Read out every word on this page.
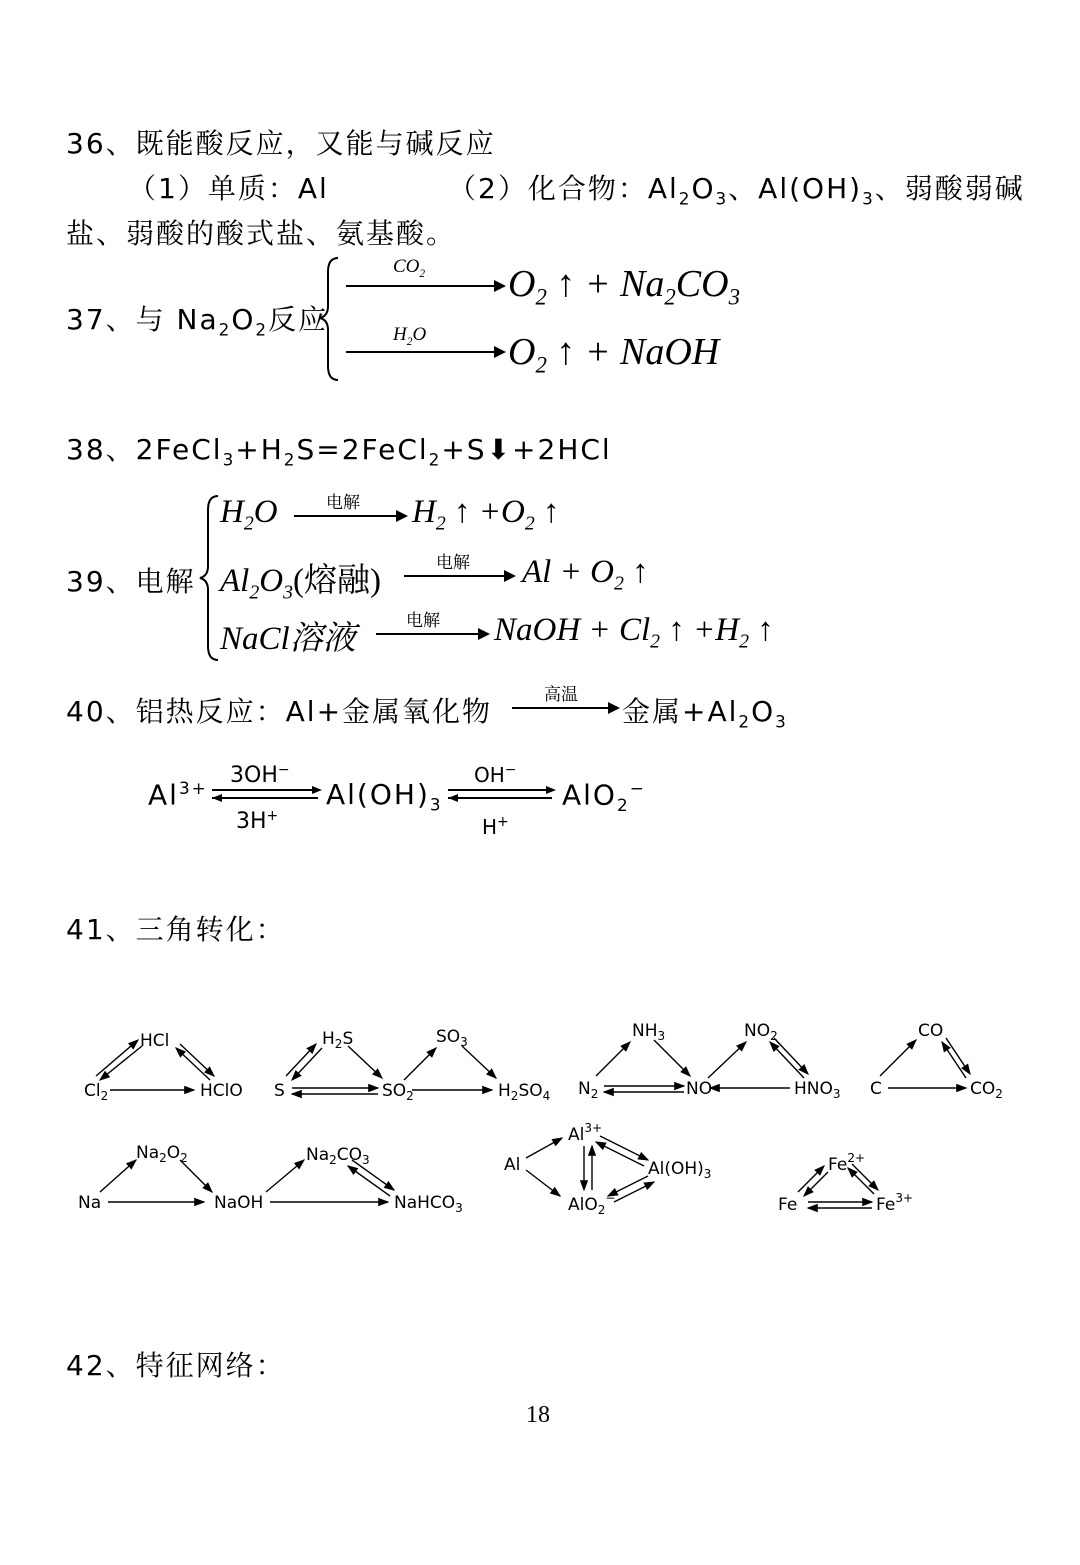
36、既能酸反应，又能与碱反应
（1）单质：Al	（2）化合物：$Al_2O_3$、$Al(OH)_3$、弱酸弱碱
盐、弱酸的酸式盐、氨基酸。
37、与 $Na_2O_2$反应
$CO_2$ $O_2$ ↑ + $Na_2CO_3$
$H_2O$ $O_2$ ↑ + NaOH
38、$2FeCl_3+H_2S=2FeCl_2+S⬇+2HCl$
39、电解
电解
电解
电解
$H_2O$	$H_2$ ↑ $+O_2$ ↑
$Al_2O_3$(熔融)	$Al + O_2$ ↑
NaCl溶液	NaOH + $Cl_2$ ↑ $+H_2$ ↑
40、铝热反应：Al+金属氧化物	高温 金属$+Al_2O_3$
$Al^{3+}$ 3OH−
3H+
OH−
H+
$Al(OH)_3$	AlO$_2$−
41、三角转化：
HCl
$Cl_2$	HClO
$H_2S$
S	$SO_2$
$SO_3$
$H_2SO_4$
$NH_3$
$N_2$	NO
$NO_2$
$HNO_3$
CO
C	$CO_2$
$Na_2O_2$
Na	NaOH
$Na_2CO_3$
NaHCO$_3$
Al
$Al^{3+}$
$Al(OH)_3$
AlO$_2$−
$Fe^{2+}$
Fe	$Fe^{3+}$
42、特征网络：
18
